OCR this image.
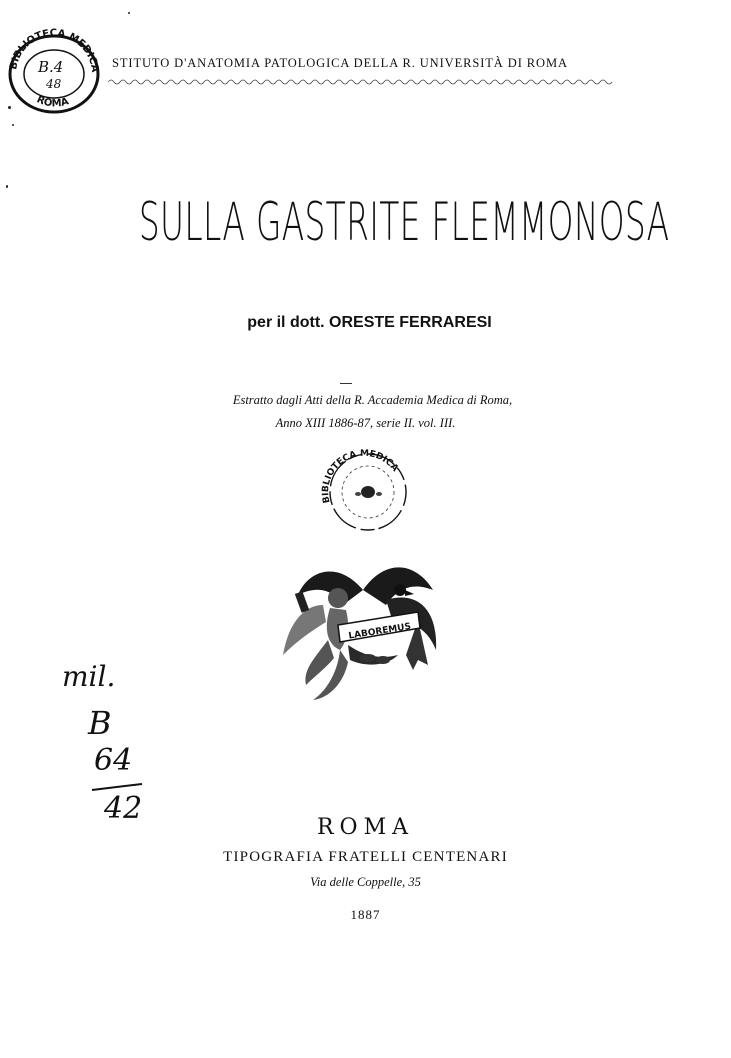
BIBLIOTECA MEDICA
ROMA
B.4
48
STITUTO D'ANATOMIA PATOLOGICA DELLA R. UNIVERSITÀ DI ROMA
SULLA GASTRITE FLEMMONOSA
per il dott. ORESTE FERRARESI
Estratto dagli Atti della R. Accademia Medica di Roma,
Anno XIII 1886-87, serie II. vol. III.
BIBLIOTECA MEDICA
LABOREMUS
mil.
B
64
42
ROMA
TIPOGRAFIA FRATELLI CENTENARI
Via delle Coppelle, 35
1887
